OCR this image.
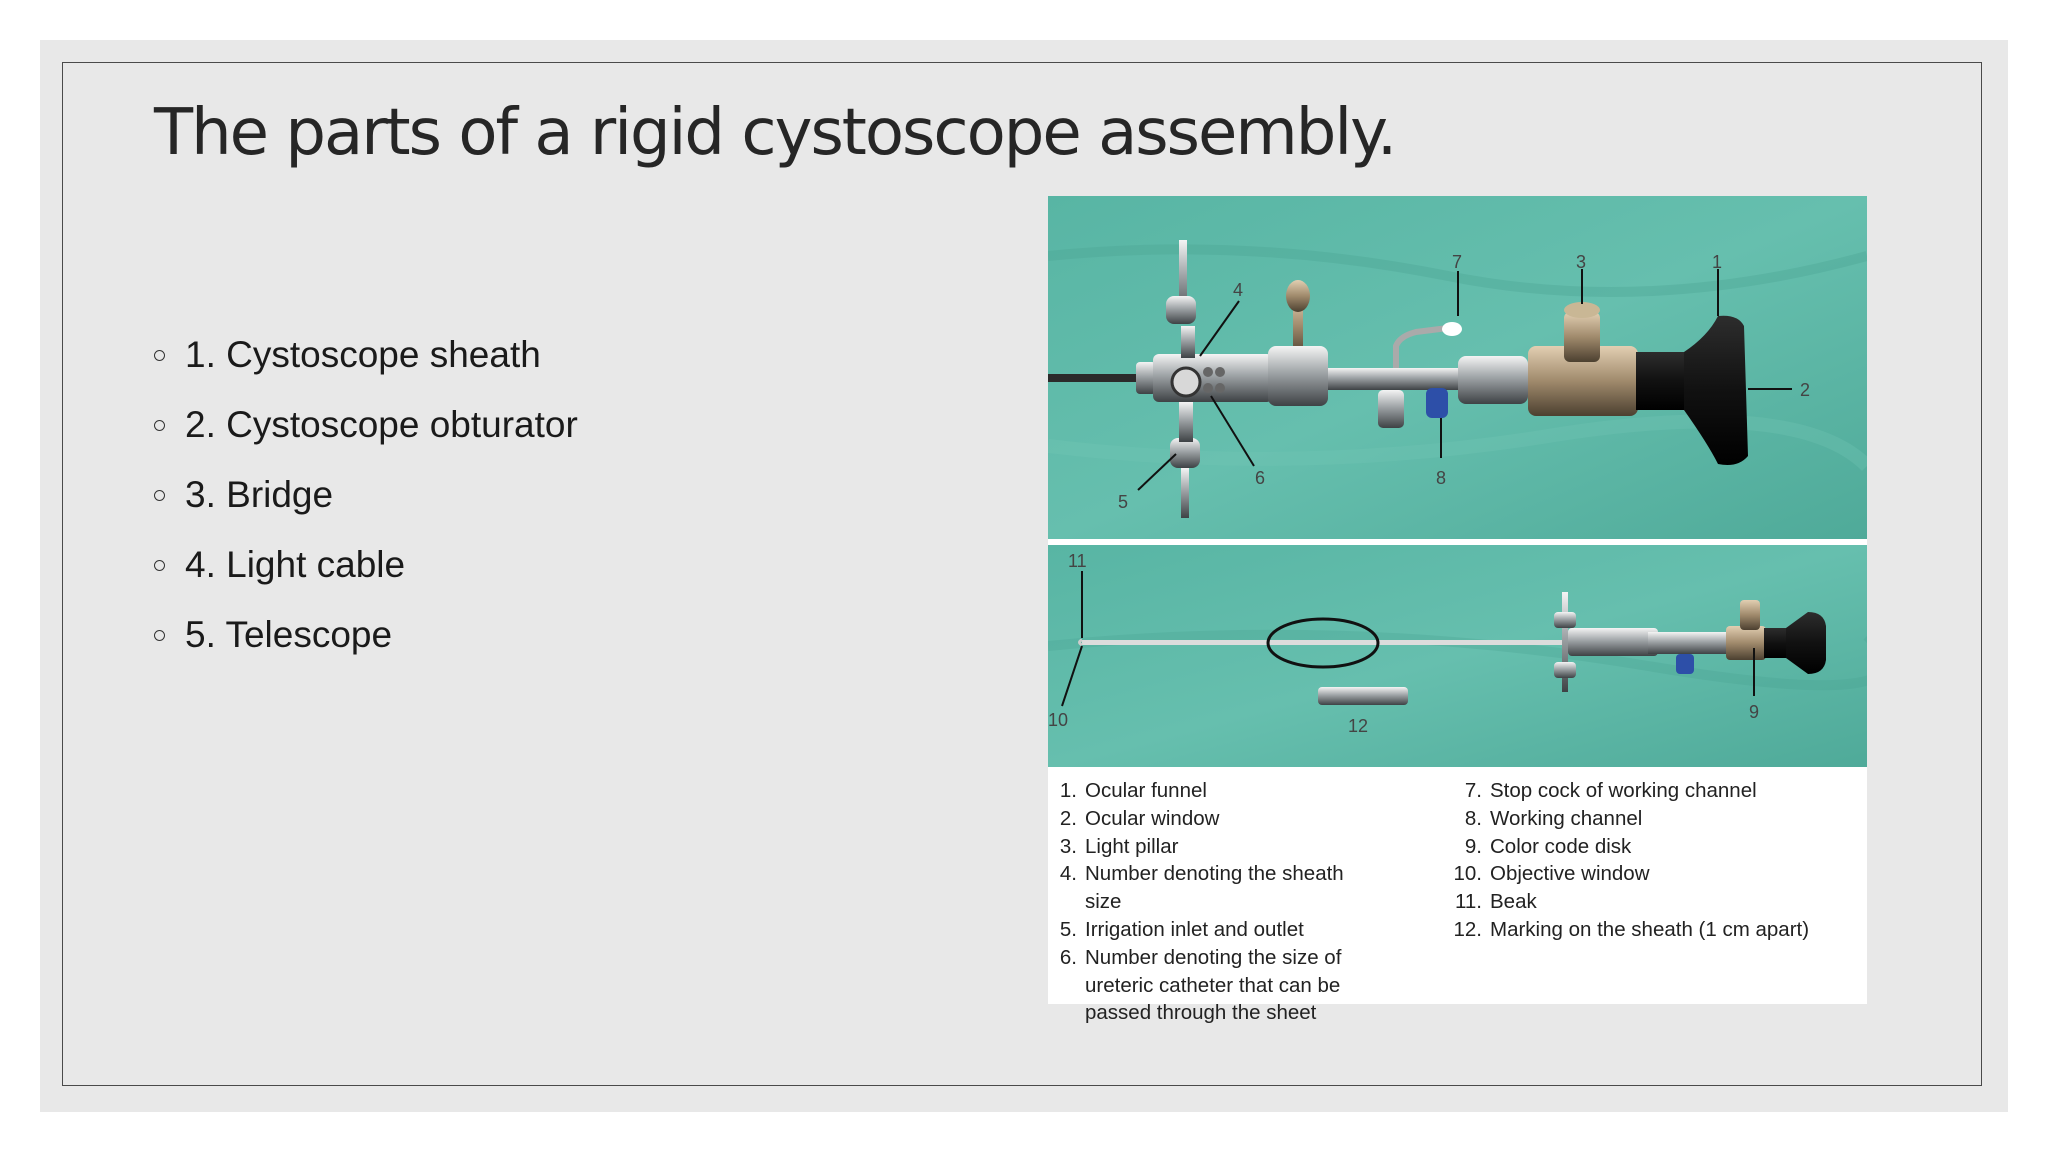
The parts of a rigid cystoscope assembly.
1. Cystoscope sheath
2. Cystoscope obturator
3. Bridge
4. Light cable
5. Telescope
4
7	3	1
2
6	8
5
11
10	12
9
1. Ocular funnel
2. Ocular window
3. Light pillar
4. Number denoting the sheath size
5. Irrigation inlet and outlet
6. Number denoting the size of ureteric catheter that can be passed through the sheet
7. Stop cock of working channel
8. Working channel
9. Color code disk
10. Objective window
11. Beak
12. Marking on the sheath (1 cm apart)
